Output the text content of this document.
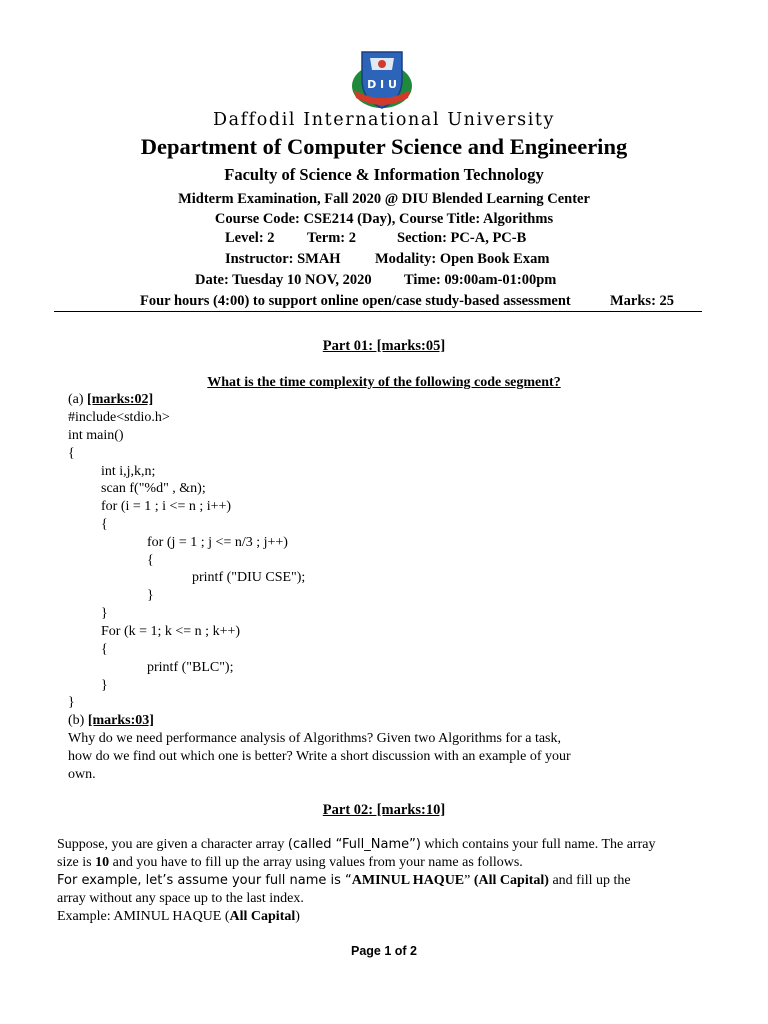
D I U
Daffodil International University
Department of Computer Science and Engineering
Faculty of Science & Information Technology
Midterm Examination, Fall 2020 @ DIU Blended Learning Center
Course Code: CSE214 (Day), Course Title: Algorithms
Level: 2 Term: 2	Section: PC-A, PC-B
Instructor: SMAH Modality: Open Book Exam
Date: Tuesday 10 NOV, 2020 Time: 09:00am-01:00pm
Four hours (4:00) to support online open/case study-based assessment	Marks: 25
Part 01: [marks:05]
What is the time complexity of the following code segment?
(a) [marks:02]
#include<stdio.h>
int main()
{
int i,j,k,n;
scan f("%d" , &n);
for (i = 1 ; i <= n ; i++)
{
for (j = 1 ; j <= n/3 ; j++)
{
printf ("DIU CSE");
}
}
For (k = 1; k <= n ; k++)
{
printf ("BLC");
}
}
(b) [marks:03]
Why do we need performance analysis of Algorithms? Given two Algorithms for a task,
how do we find out which one is better? Write a short discussion with an example of your
own.
Part 02: [marks:10]
Suppose, you are given a character array (called “Full_Name”) which contains your full name. The array
size is 10 and you have to fill up the array using values from your name as follows.
For example, let’s assume your full name is “AMINUL HAQUE” (All Capital) and fill up the
array without any space up to the last index.
Example: AMINUL HAQUE (All Capital)
Page 1 of 2
